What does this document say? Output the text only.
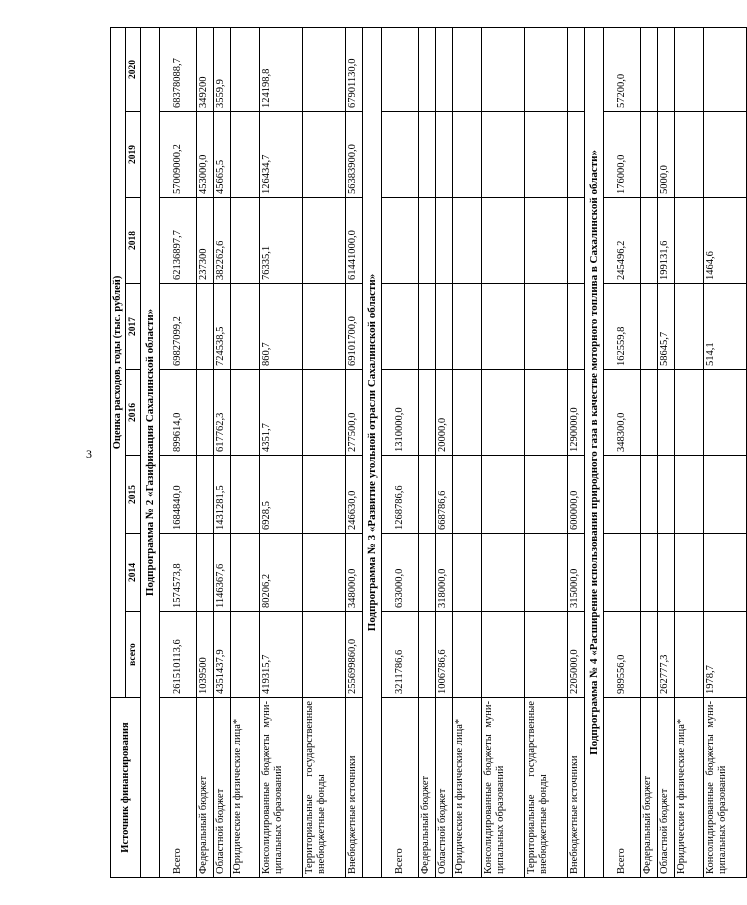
3
Источник финансирования	Оценка расходов, годы (тыс. рублей)							
	всего	2014	2015	2016	2017	2018	2019	2020
Подпрограмма № 2 «Газификация Сахалинской области»								
Всего	261510113,6	1574573,8	1684840,0	899614,0	69827099,2	62136897,7	57009000,2	68378088,7
Федеральный бюджет	1039500					237300	453000,0	349200
Областной бюджет	4351437,9	1146367,6	1431281,5	617762,3	724538,5	382262,6	45665,5	3559,9
Юридические и физические лица*								
Консолидированные бюджеты муни- ципальных образований	419315,7	80206,2	6928,5	4351,7	860,7	76335,1	126434,7	124198,8
Территориальные государственные внебюджетные фонды								

Внебюджетные источники	255699860,0	348000,0	246630,0	277500,0	69101700,0	61441000,0	56383900,0	67901130,0
Подпрограмма № 3 «Развитие угольной отрасли Сахалинской области»								
Всего	3211786,6	633000,0	1268786,6	1310000,0				
Федеральный бюджет								
Областной бюджет	1006786,6	318000,0	668786,6	20000,0				
Юридические и физические лица*								
Консолидированные бюджеты муни- ципальных образований								

Территориальные государственные внебюджетные фонды								

Внебюджетные источники	2205000,0	315000,0	600000,0	1290000,0				
Подпрограмма № 4 «Расширение использования природного газа в качестве моторного топлива в Сахалинской области»								
Всего	989556,0			348300,0	162559,8	245496,2	176000,0	57200,0
Федеральный бюджет								
Областной бюджет	262777,3				58645,7	199131,6	5000,0	
Юридические и физические лица*								
Консолидированные бюджеты муни- ципальных образований	1978,7				514,1	1464,6		
